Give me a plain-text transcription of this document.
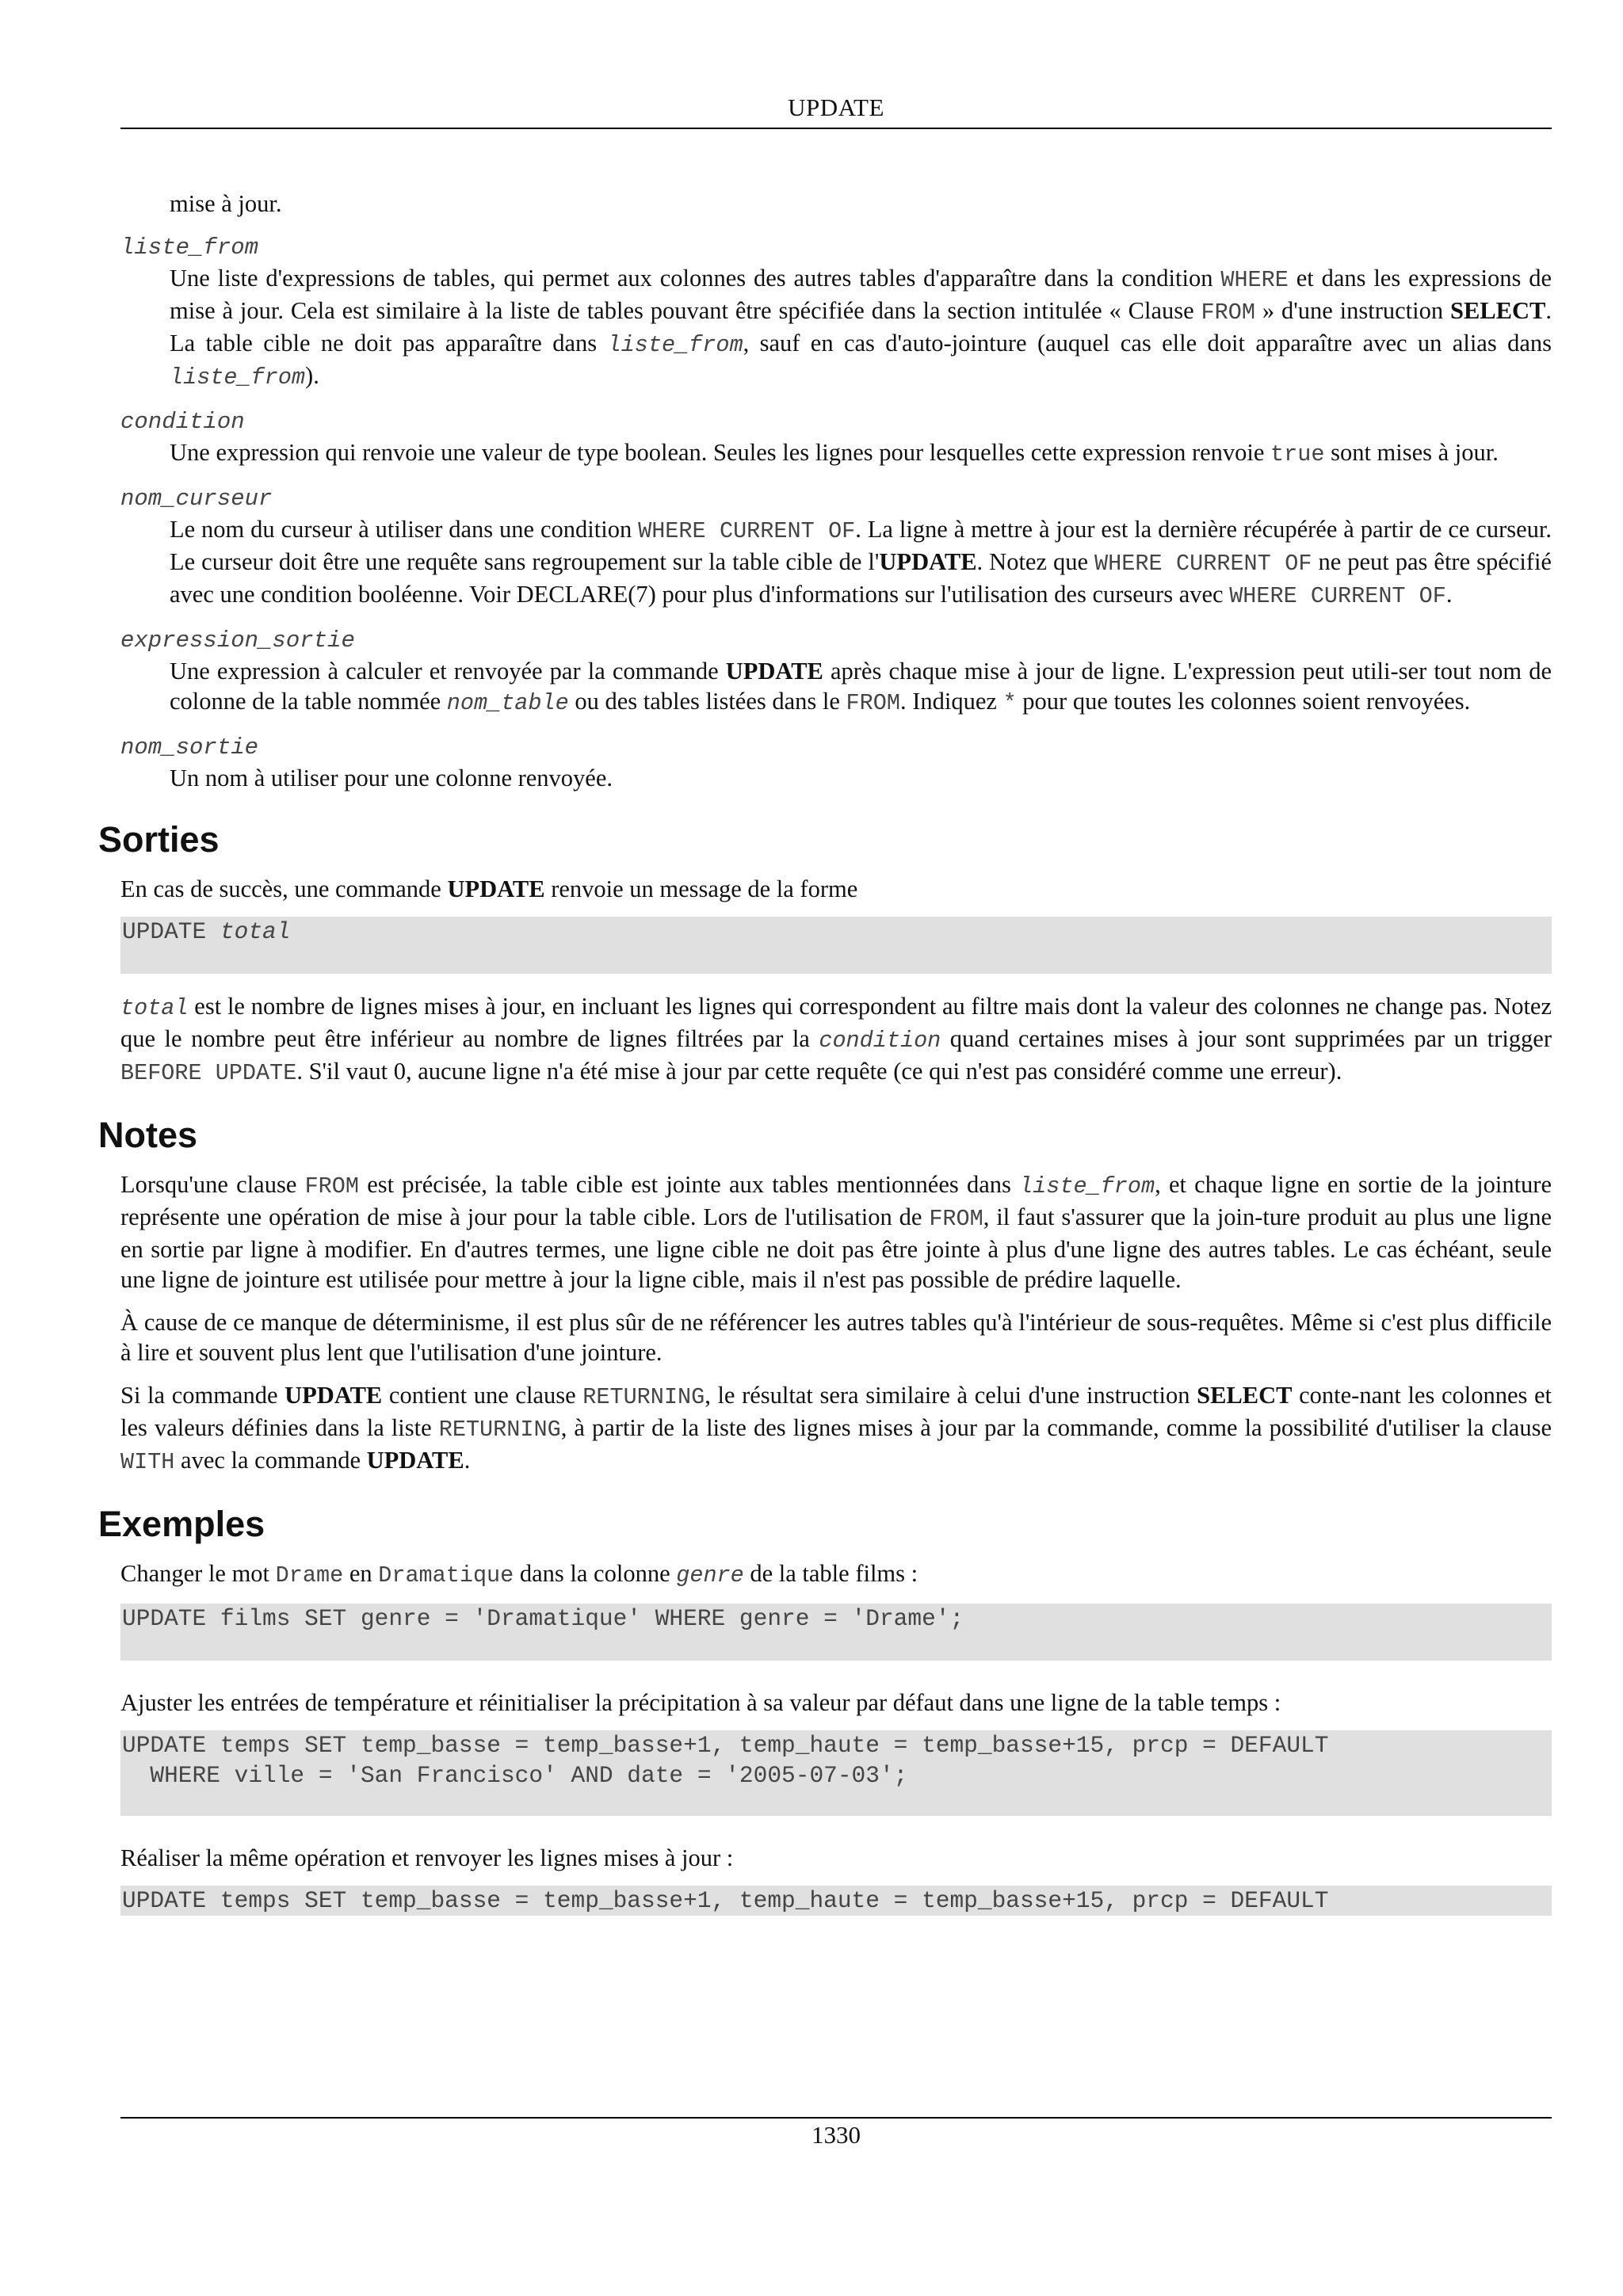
UPDATE

mise à jour.

liste_from
Une liste d'expressions de tables, qui permet aux colonnes des autres tables d'apparaître dans la condition WHERE et dans les expressions de mise à jour. Cela est similaire à la liste de tables pouvant être spécifiée dans la section intitulée « Clause FROM » d'une instruction SELECT. La table cible ne doit pas apparaître dans liste_from, sauf en cas d'auto-jointure (auquel cas elle doit apparaître avec un alias dans liste_from).
condition
Une expression qui renvoie une valeur de type boolean. Seules les lignes pour lesquelles cette expression renvoie true sont mises à jour.
nom_curseur
Le nom du curseur à utiliser dans une condition WHERE CURRENT OF. La ligne à mettre à jour est la dernière récupérée à partir de ce curseur. Le curseur doit être une requête sans regroupement sur la table cible de l'UPDATE. Notez que WHERE CURRENT OF ne peut pas être spécifié avec une condition booléenne. Voir DECLARE(7) pour plus d'informations sur l'utilisation des curseurs avec WHERE CURRENT OF.
expression_sortie
Une expression à calculer et renvoyée par la commande UPDATE après chaque mise à jour de ligne. L'expression peut utili-ser tout nom de colonne de la table nommée nom_table ou des tables listées dans le FROM. Indiquez * pour que toutes les colonnes soient renvoyées.
nom_sortie
Un nom à utiliser pour une colonne renvoyée.
Sorties

En cas de succès, une commande UPDATE renvoie un message de la forme

UPDATE total

total est le nombre de lignes mises à jour, en incluant les lignes qui correspondent au filtre mais dont la valeur des colonnes ne change pas. Notez que le nombre peut être inférieur au nombre de lignes filtrées par la condition quand certaines mises à jour sont supprimées par un trigger BEFORE UPDATE. S'il vaut 0, aucune ligne n'a été mise à jour par cette requête (ce qui n'est pas considéré comme une erreur).

Notes

Lorsqu'une clause FROM est précisée, la table cible est jointe aux tables mentionnées dans liste_from, et chaque ligne en sortie de la jointure représente une opération de mise à jour pour la table cible. Lors de l'utilisation de FROM, il faut s'assurer que la join-ture produit au plus une ligne en sortie par ligne à modifier. En d'autres termes, une ligne cible ne doit pas être jointe à plus d'une ligne des autres tables. Le cas échéant, seule une ligne de jointure est utilisée pour mettre à jour la ligne cible, mais il n'est pas possible de prédire laquelle.

À cause de ce manque de déterminisme, il est plus sûr de ne référencer les autres tables qu'à l'intérieur de sous-requêtes. Même si c'est plus difficile à lire et souvent plus lent que l'utilisation d'une jointure.

Si la commande UPDATE contient une clause RETURNING, le résultat sera similaire à celui d'une instruction SELECT conte-nant les colonnes et les valeurs définies dans la liste RETURNING, à partir de la liste des lignes mises à jour par la commande, comme la possibilité d'utiliser la clause WITH avec la commande UPDATE.

Exemples

Changer le mot Drame en Dramatique dans la colonne genre de la table films :

UPDATE films SET genre = 'Dramatique' WHERE genre = 'Drame';

Ajuster les entrées de température et réinitialiser la précipitation à sa valeur par défaut dans une ligne de la table temps :

UPDATE temps SET temp_basse = temp_basse+1, temp_haute = temp_basse+15, prcp = DEFAULT
WHERE ville = 'San Francisco' AND date = '2005-07-03';

Réaliser la même opération et renvoyer les lignes mises à jour :

UPDATE temps SET temp_basse = temp_basse+1, temp_haute = temp_basse+15, prcp = DEFAULT
1330
